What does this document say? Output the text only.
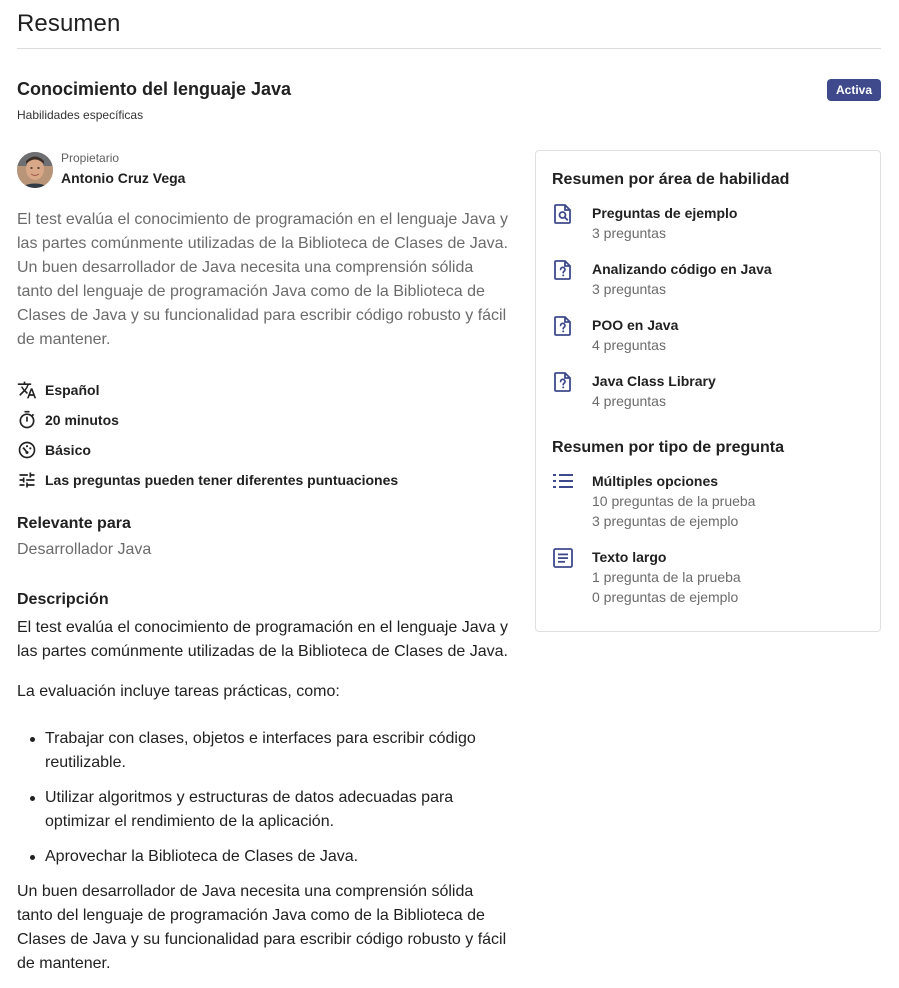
Resumen
Conocimiento del lenguaje Java
Habilidades específicas
Activa
Propietario
Antonio Cruz Vega

El test evalúa el conocimiento de programación en el lenguaje Java y las partes comúnmente utilizadas de la Biblioteca de Clases de Java. Un buen desarrollador de Java necesita una comprensión sólida tanto del lenguaje de programación Java como de la Biblioteca de Clases de Java y su funcionalidad para escribir código robusto y fácil de mantener.

Español
20 minutos
Básico
Las preguntas pueden tener diferentes puntuaciones
Relevante para
Desarrollador Java
Descripción

El test evalúa el conocimiento de programación en el lenguaje Java y las partes comúnmente utilizadas de la Biblioteca de Clases de Java.

La evaluación incluye tareas prácticas, como:

Trabajar con clases, objetos e interfaces para escribir código reutilizable.
Utilizar algoritmos y estructuras de datos adecuadas para optimizar el rendimiento de la aplicación.
Aprovechar la Biblioteca de Clases de Java.

Un buen desarrollador de Java necesita una comprensión sólida tanto del lenguaje de programación Java como de la Biblioteca de Clases de Java y su funcionalidad para escribir código robusto y fácil de mantener.

Resumen por área de habilidad
Preguntas de ejemplo
3 preguntas
Analizando código en Java
3 preguntas
POO en Java
4 preguntas
Java Class Library
4 preguntas
Resumen por tipo de pregunta
Múltiples opciones
10 preguntas de la prueba
3 preguntas de ejemplo
Texto largo
1 pregunta de la prueba
0 preguntas de ejemplo
